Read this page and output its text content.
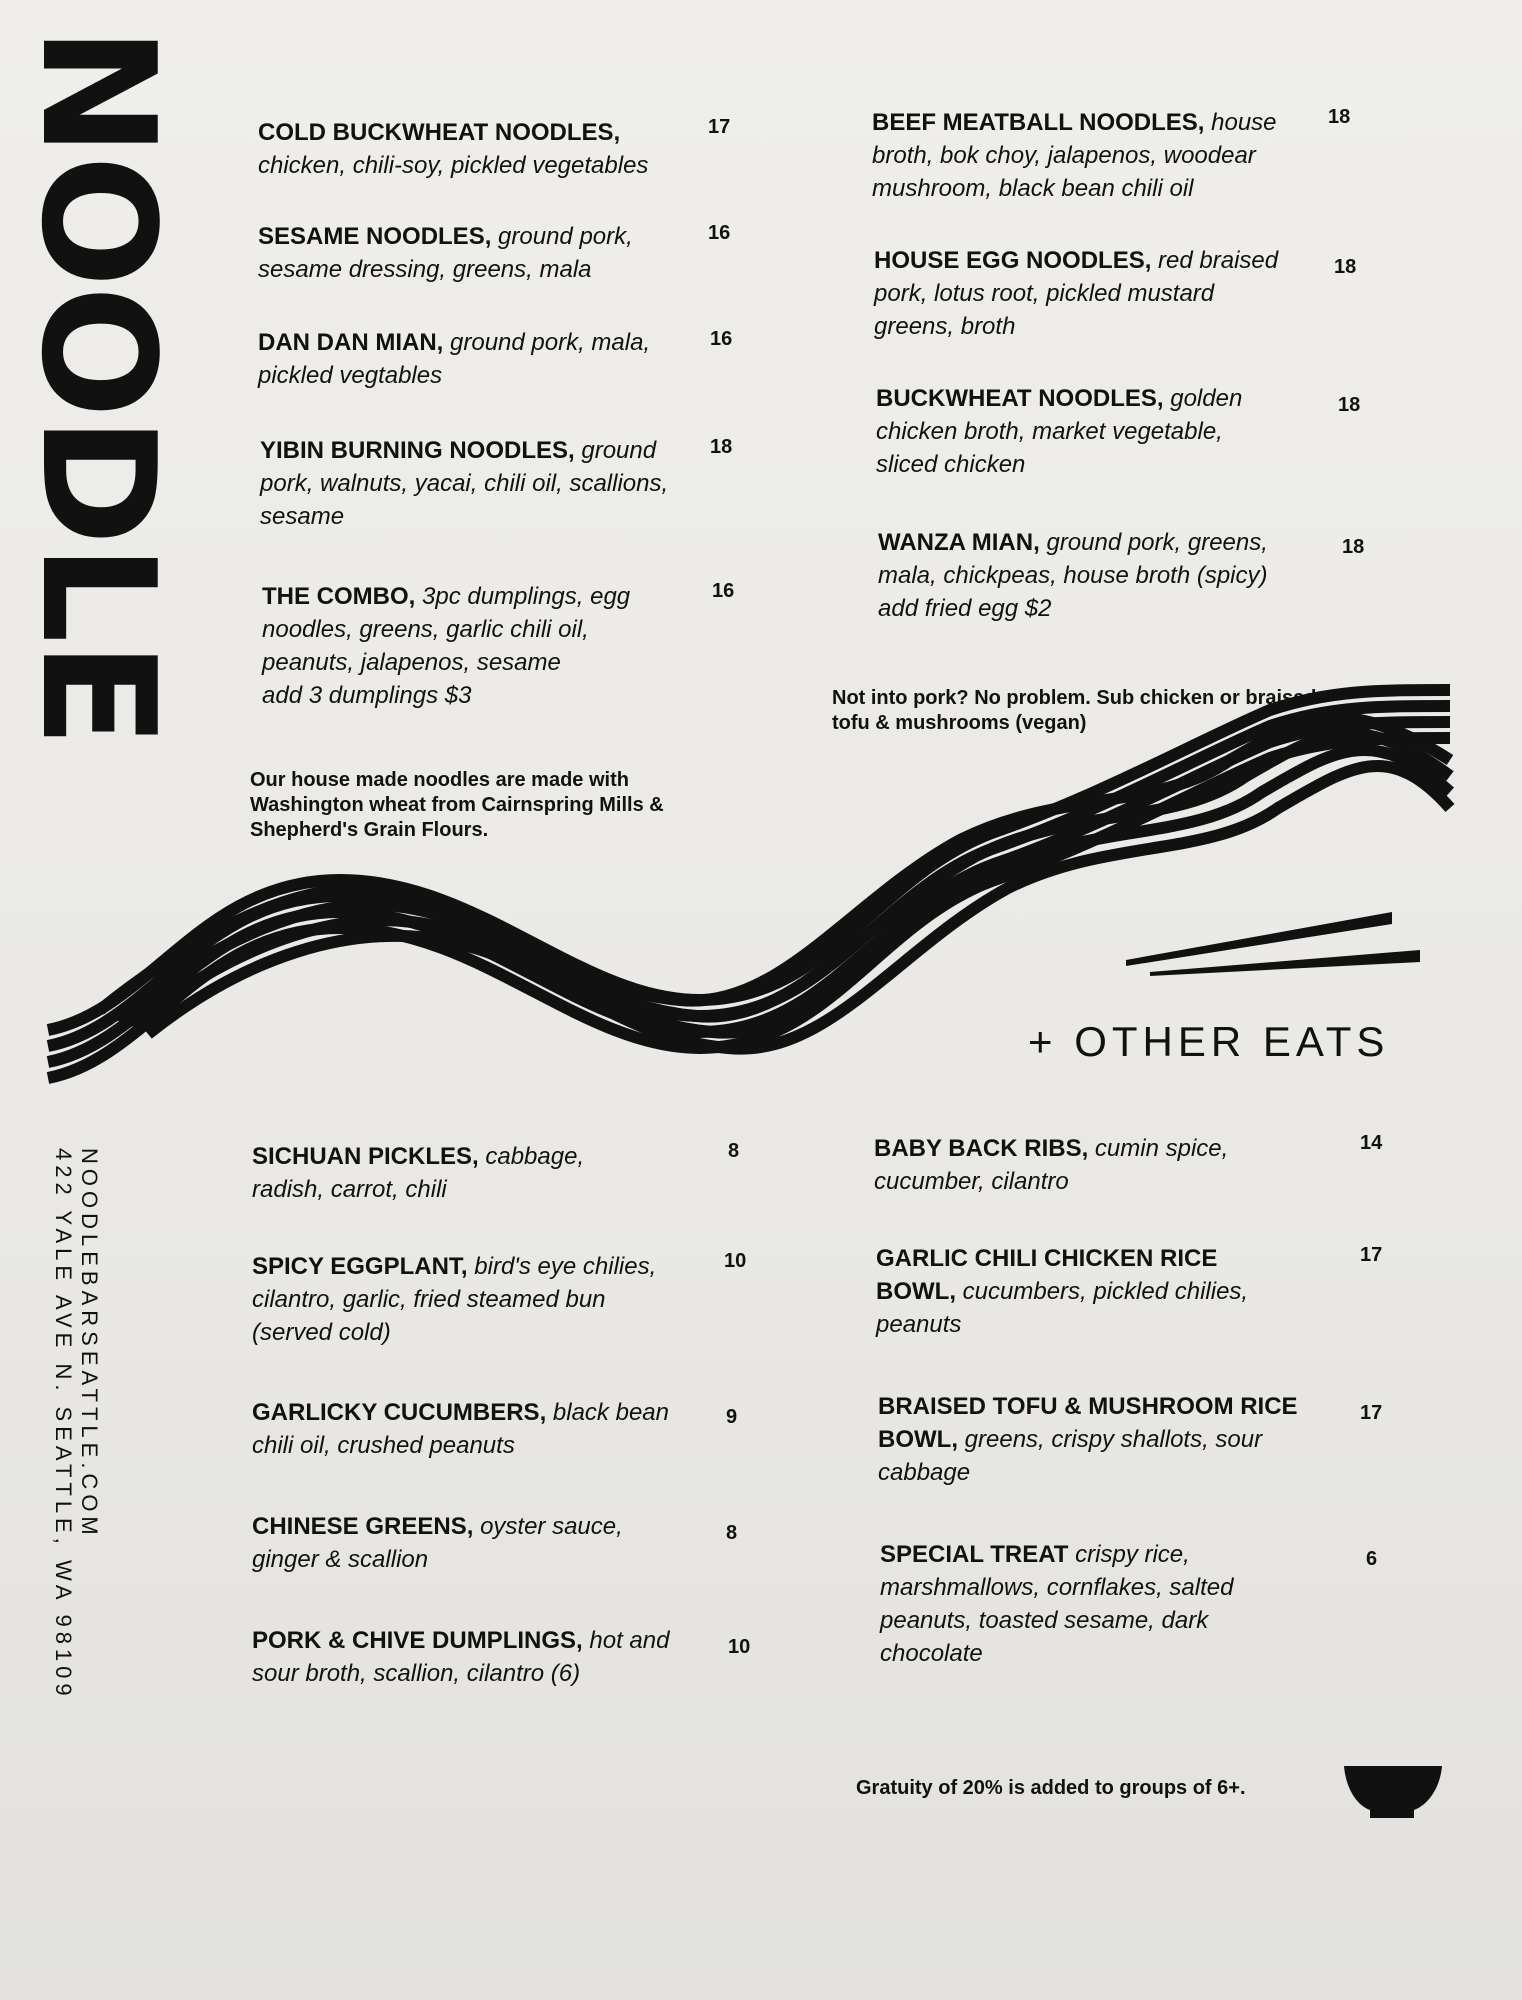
NOODLE
NOODLEBARSEATTLE.COM
422 YALE AVE N. SEATTLE, WA 98109
COLD BUCKWHEAT NOODLES, chicken, chili-soy, pickled vegetables
17
SESAME NOODLES, ground pork, sesame dressing, greens, mala
16
DAN DAN MIAN, ground pork, mala, pickled vegtables
16
YIBIN BURNING NOODLES, ground pork, walnuts, yacai, chili oil, scallions, sesame
18
THE COMBO, 3pc dumplings, egg noodles, greens, garlic chili oil, peanuts, jalapenos, sesame
add 3 dumplings $3
16
BEEF MEATBALL NOODLES, house broth, bok choy, jalapenos, woodear mushroom, black bean chili oil
18
HOUSE EGG NOODLES, red braised pork, lotus root, pickled mustard greens, broth
18
BUCKWHEAT NOODLES, golden chicken broth, market vegetable, sliced chicken
18
WANZA MIAN, ground pork, greens, mala, chickpeas, house broth (spicy)
add fried egg $2
18
Not into pork? No problem. Sub chicken or braised tofu & mushrooms (vegan)
Our house made noodles are made with Washington wheat from Cairnspring Mills & Shepherd's Grain Flours.
+ OTHER EATS
SICHUAN PICKLES, cabbage, radish, carrot, chili
8
SPICY EGGPLANT, bird's eye chilies, cilantro, garlic, fried steamed bun (served cold)
10
GARLICKY CUCUMBERS, black bean chili oil, crushed peanuts
9
CHINESE GREENS, oyster sauce, ginger & scallion
8
PORK & CHIVE DUMPLINGS, hot and sour broth, scallion, cilantro (6)
10
BABY BACK RIBS, cumin spice, cucumber, cilantro
14
GARLIC CHILI CHICKEN RICE BOWL, cucumbers, pickled chilies, peanuts
17
BRAISED TOFU & MUSHROOM RICE BOWL, greens, crispy shallots, sour cabbage
17
SPECIAL TREAT crispy rice, marshmallows, cornflakes, salted peanuts, toasted sesame, dark chocolate
6
Gratuity of 20% is added to groups of 6+.
